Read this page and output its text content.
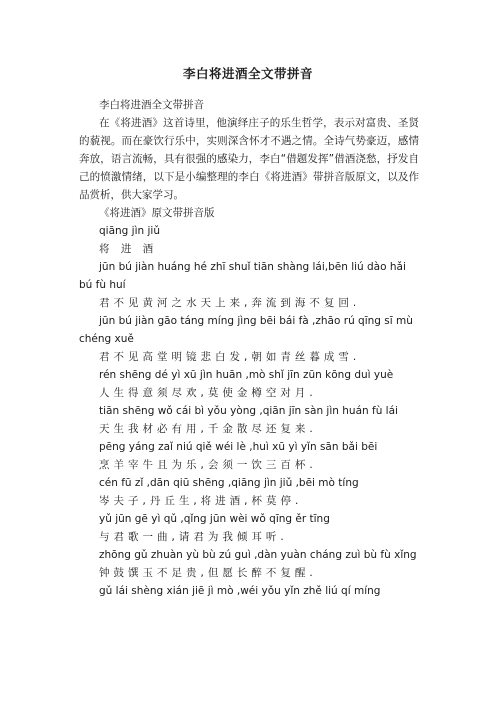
李白将进酒全文带拼音
李白将进酒全文带拼音

在《将进酒》这首诗里，他演绎庄子的乐生哲学，表示对富贵、圣贤的藐视。而在豪饮行乐中，实则深含怀才不遇之情。全诗气势豪迈，感情奔放，语言流畅，具有很强的感染力，李白“借题发挥”借酒浇愁，抒发自己的愤激情绪，以下是小编整理的李白《将进酒》带拼音版原文，以及作品赏析，供大家学习。

《将进酒》原文带拼音版
qiāng jìn jiǔ
将 进 酒
jūn bú jiàn huáng hé zhī shuǐ tiān shàng lái,bēn liú dào hǎi bú fù huí
君不见黄河之水天上来,奔流到海不复回.
jūn bú jiàn gāo táng míng jìng bēi bái fà ,zhāo rú qīng sī mù chéng xuě
君不见高堂明镜悲白发,朝如青丝暮成雪.
rén shēng dé yì xū jìn huān ,mò shǐ jīn zūn kōng duì yuè
人生得意须尽欢,莫使金樽空对月.
tiān shēng wǒ cái bì yǒu yòng ,qiān jīn sàn jìn huán fù lái
天生我材必有用,千金散尽还复来.
pēng yáng zaǐ niú qiě wéi lè ,huì xū yì yǐn sān bǎi bēi
烹羊宰牛且为乐,会须一饮三百杯.
cén fū zǐ ,dān qiū shēng ,qiāng jìn jiǔ ,bēi mò tíng
岑夫子,丹丘生,将进酒,杯莫停.
yǔ jūn gē yì qǔ ,qǐng jūn wèi wǒ qīng ěr tīng
与君歌一曲,请君为我倾耳听.
zhōng gǔ zhuàn yù bù zú guì ,dàn yuàn cháng zuì bù fù xǐng
钟鼓馔玉不足贵,但愿长醉不复醒.
gǔ lái shèng xián jiē jì mò ,wéi yǒu yǐn zhě liú qí míng
